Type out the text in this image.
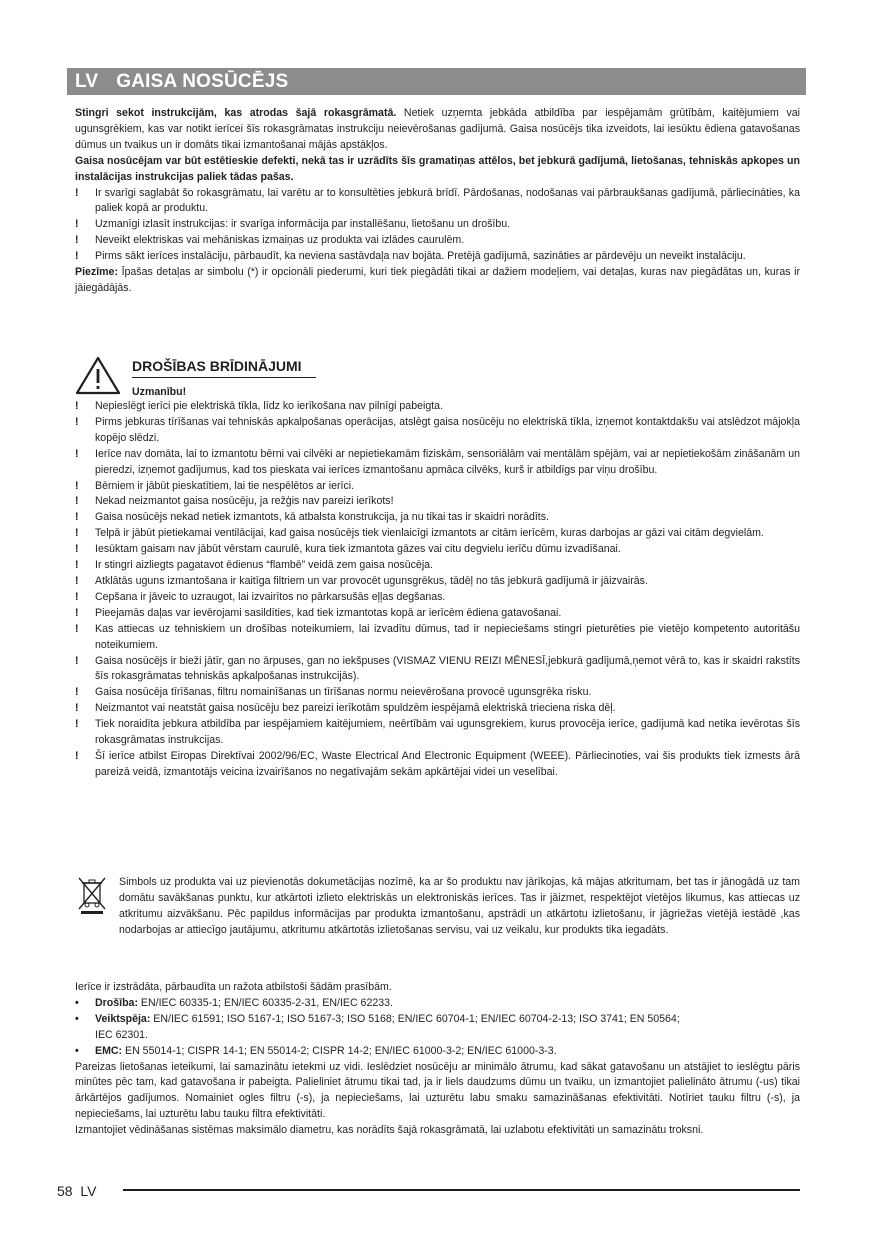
LV GAISA NOSŪCĒJS

Stingri sekot instrukcijām, kas atrodas šajā rokasgrāmatā. Netiek uzņemta jebkāda atbildība par iespējamām grūtībām, kaitējumiem vai ugunsgrēkiem, kas var notikt ierīcei šīs rokasgrāmatas instrukciju neievērošanas gadījumā. Gaisa nosūcējs tika izveidots, lai iesūktu ēdiena gatavošanas dūmus un tvaikus un ir domāts tikai izmantošanai mājās apstākļos.

Gaisa nosūcējam var būt estētieskie defekti, nekā tas ir uzrādīts šīs gramatiņas attēlos, bet jebkurā gadījumā, lietošanas, tehniskās apkopes un instalācijas instrukcijas paliek tādas pašas.

!	Ir svarīgi saglabāt šo rokasgrāmatu, lai varētu ar to konsultēties jebkurā brīdī. Pārdošanas, nodošanas vai pārbraukšanas gadījumā, pārliecināties, ka paliek kopā ar produktu.
!	Uzmanīgi izlasīt instrukcijas: ir svarīga informācija par installēšanu, lietošanu un drošību.
!	Neveikt elektriskas vai mehāniskas izmaiņas uz produkta vai izlādes caurulēm.
!	Pirms sākt ierīces instalāciju, pārbaudīt, ka neviena sastāvdaļa nav bojāta. Pretējā gadījumā, sazināties ar pārdevēju un neveikt instalāciju.

Piezīme: Īpašas detaļas ar simbolu (*) ir opcionāli piederumi, kuri tiek piegādāti tikai ar dažiem modeļiem, vai detaļas, kuras nav piegādātas un, kuras ir jāiegādājās.

DROŠĪBAS BRĪDINĀJUMI
Uzmanību!
!	Nepieslēgt ierīci pie elektriskā tīkla, līdz ko ierīkošana nav pilnīgi pabeigta.
!	Pirms jebkuras tīrīšanas vai tehniskās apkalpošanas operācijas, atslēgt gaisa nosūcēju no elektriskā tīkla, izņemot kontaktdakšu vai atslēdzot mājokļa kopējo slēdzi.
!	Ierīce nav domāta, lai to izmantotu bērni vai cilvēki ar nepietiekamām fiziskām, sensoriālām vai mentālām spējām, vai ar nepietiekošām zināšanām un pieredzi, izņemot gadījumus, kad tos pieskata vai ierīces izmantošanu apmāca cilvēks, kurš ir atbildīgs par viņu drošību.
!	Bērniem ir jābūt pieskatītiem, lai tie nespēlētos ar ierīci.
!	Nekad neizmantot gaisa nosūcēju, ja režģis nav pareizi ierīkots!
!	Gaisa nosūcējs nekad netiek izmantots, kā atbalsta konstrukcija, ja nu tikai tas ir skaidri norādīts.
!	Telpā ir jābūt pietiekamai ventilācijai, kad gaisa nosūcējs tiek vienlaicīgi izmantots ar citām ierīcēm, kuras darbojas ar gāzi vai citām degvielām.
!	Iesūktam gaisam nav jābūt vērstam caurulē, kura tiek izmantota gāzes vai citu degvielu ierīču dūmu izvadīšanai.
!	Ir stingri aizliegts pagatavot ēdienus “flambē” veidā zem gaisa nosūcēja.
!	Atklātās uguns izmantošana ir kaitīga filtriem un var provocēt ugunsgrēkus, tādēļ no tās jebkurā gadījumā ir jāizvairās.
!	Cepšana ir jāveic to uzraugot, lai izvairītos no pārkarsušās eļļas degšanas.
!	Pieejamās daļas var ievērojami sasildīties, kad tiek izmantotas kopā ar ierīcēm ēdiena gatavošanai.
!	Kas attiecas uz tehniskiem un drošības noteikumiem, lai izvadītu dūmus, tad ir nepieciešams stingri pieturēties pie vietējo kompetento autoritāšu noteikumiem.
!	Gaisa nosūcējs ir bieži jātīr, gan no ārpuses, gan no iekšpuses (VISMAZ VIENU REIZI MĒNESĪ,jebkurā gadījumā,ņemot vērā to, kas ir skaidri rakstīts šīs rokasgrāmatas tehniskās apkalpošanas instrukcijās).
!	Gaisa nosūcēja tīrīšanas, filtru nomainīšanas un tīrīšanas normu neievērošana provocē ugunsgrēka risku.
!	Neizmantot vai neatstāt gaisa nosūcēju bez pareizi ierīkotām spuldzēm iespējamā elektriskā trieciena riska dēļ.
!	Tiek noraidīta jebkura atbildība par iespējamiem kaitējumiem, neērtībām vai ugunsgrekiem, kurus provocēja ierīce, gadījumā kad netika ievērotas šīs rokasgrāmatas instrukcijas.
!	Šī ierīce atbilst Eiropas Direktīvai 2002/96/EC, Waste Electrical And Electronic Equipment (WEEE). Pārliecinoties, vai šis produkts tiek izmests ārā pareizā veidā, izmantotājs veicina izvairīšanos no negatīvajām sekām apkārtējai videi un veselībai.

Simbols uz produkta vai uz pievienotās dokumetācijas nozīmē, ka ar šo produktu nav jārīkojas, kā mājas atkritumam, bet tas ir jānogādā uz tam domātu savākšanas punktu, kur atkārtoti izlieto elektriskās un elektroniskās ierīces. Tas ir jāizmet, respektējot vietējos likumus, kas attiecas uz atkritumu aizvākšanu. Pēc papildus informācijas par produkta izmantošanu, apstrādi un atkārtotu izlietošanu, ir jāgriežas vietējā iestādē ,kas nodarbojas ar attiecīgo jautājumu, atkritumu atkārtotās izlietošanas servisu, vai uz veikalu, kur produkts tika iegadāts.

Ierīce ir izstrādāta, pārbaudīta un ražota atbilstoši šādām prasībām.

•	Drošība: EN/IEC 60335-1; EN/IEC 60335-2-31, EN/IEC 62233.
•	Veiktspēja: EN/IEC 61591; ISO 5167-1; ISO 5167-3; ISO 5168; EN/IEC 60704-1; EN/IEC 60704-2-13; ISO 3741; EN 50564;
IEC 62301.
•	EMC: EN 55014-1; CISPR 14-1; EN 55014-2; CISPR 14-2; EN/IEC 61000-3-2; EN/IEC 61000-3-3.

Pareizas lietošanas ieteikumi, lai samazinātu ietekmi uz vidi. Ieslēdziet nosūcēju ar minimālo ātrumu, kad sākat gatavošanu un atstājiet to ieslēgtu pāris minūtes pēc tam, kad gatavošana ir pabeigta. Palieliniet ātrumu tikai tad, ja ir liels daudzums dūmu un tvaiku, un izmantojiet palielināto ātrumu (-us) tikai ārkārtējos gadījumos. Nomainiet ogles filtru (-s), ja nepieciešams, lai uzturētu labu smaku samazināšanas efektivitāti. Notīriet tauku filtru (-s), ja nepieciešams, lai uzturētu labu tauku filtra efektivitāti.

Izmantojiet vēdināšanas sistēmas maksimālo diametru, kas norādīts šajā rokasgrāmatā, lai uzlabotu efektivitāti un samazinātu troksni.

58 LV
